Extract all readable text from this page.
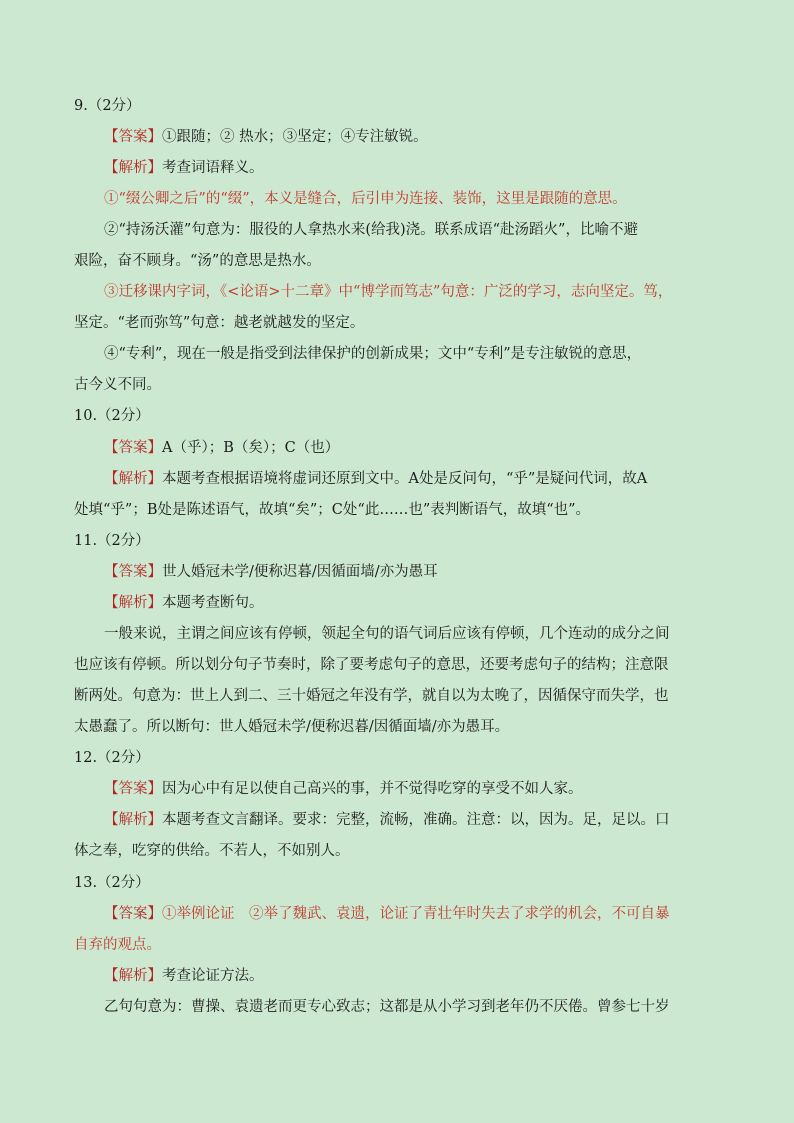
9.（2分）
【答案】①跟随；② 热水；③坚定；④专注敏锐。
【解析】考查词语释义。
①“缀公卿之后”的“缀”，本义是缝合，后引申为连接、装饰，这里是跟随的意思。
②“持汤沃灌”句意为：服役的人拿热水来(给我)浇。联系成语“赴汤蹈火”，比喻不避
艰险，奋不顾身。“汤”的意思是热水。
③迁移课内字词，《<论语>十二章》中“博学而笃志”句意：广泛的学习，志向坚定。笃，
坚定。“老而弥笃”句意：越老就越发的坚定。
④“专利”，现在一般是指受到法律保护的创新成果；文中“专利”是专注敏锐的意思，
古今义不同。
10.（2分）
【答案】A（乎）；B（矣）；C（也）
【解析】本题考查根据语境将虚词还原到文中。A处是反问句，“乎”是疑问代词，故A
处填“乎”；B处是陈述语气，故填“矣”；C处“此……也”表判断语气，故填“也”。
11.（2分）
【答案】世人婚冠未学/便称迟暮/因循面墙/亦为愚耳
【解析】本题考查断句。
一般来说，主谓之间应该有停顿，领起全句的语气词后应该有停顿，几个连动的成分之间
也应该有停顿。所以划分句子节奏时，除了要考虑句子的意思，还要考虑句子的结构；注意限
断两处。句意为：世上人到二、三十婚冠之年没有学，就自以为太晚了，因循保守而失学，也
太愚蠢了。所以断句：世人婚冠未学/便称迟暮/因循面墙/亦为愚耳。
12.（2分）
【答案】因为心中有足以使自己高兴的事，并不觉得吃穿的享受不如人家。
【解析】本题考查文言翻译。要求：完整，流畅，准确。注意：以，因为。足，足以。口
体之奉，吃穿的供给。不若人，不如别人。
13.（2分）
【答案】①举例论证　②举了魏武、袁遗，论证了青壮年时失去了求学的机会，不可自暴
自弃的观点。
【解析】考查论证方法。
乙句句意为：曹操、袁遗老而更专心致志；这都是从小学习到老年仍不厌倦。曾参七十岁
